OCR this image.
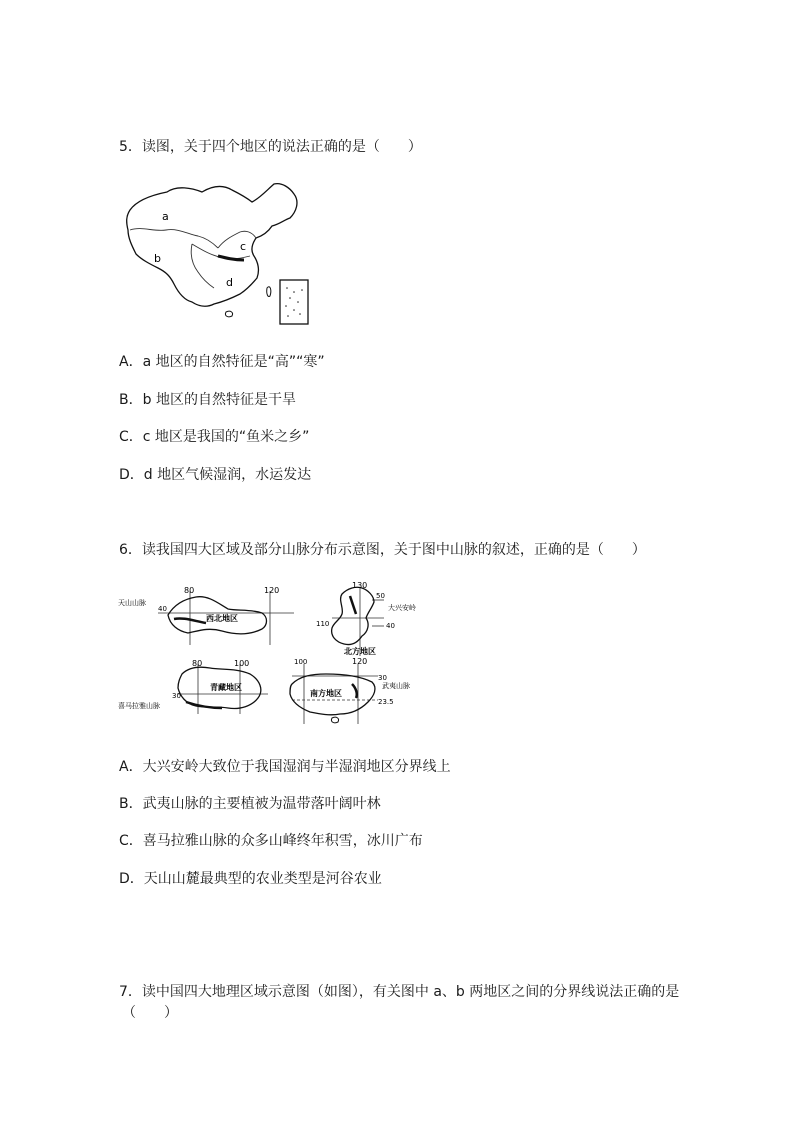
5．读图，关于四个地区的说法正确的是（　　）
a
b
c
d
A．a 地区的自然特征是“高”“寒”
B．b 地区的自然特征是干旱
C．c 地区是我国的“鱼米之乡”
D．d 地区气候湿润，水运发达
6．读我国四大区域及部分山脉分布示意图，关于图中山脉的叙述，正确的是（　　）
80	120
40
西北地区
天山山脉
130
110
50
40
北方地区
大兴安岭
80	100
30
青藏地区
喜马拉雅山脉
100	120
30
23.5
南方地区
武夷山脉
A．大兴安岭大致位于我国湿润与半湿润地区分界线上
B．武夷山脉的主要植被为温带落叶阔叶林
C．喜马拉雅山脉的众多山峰终年积雪，冰川广布
D．天山山麓最典型的农业类型是河谷农业
7．读中国四大地理区域示意图（如图），有关图中 a、b 两地区之间的分界线说法正确的是
（　　）
